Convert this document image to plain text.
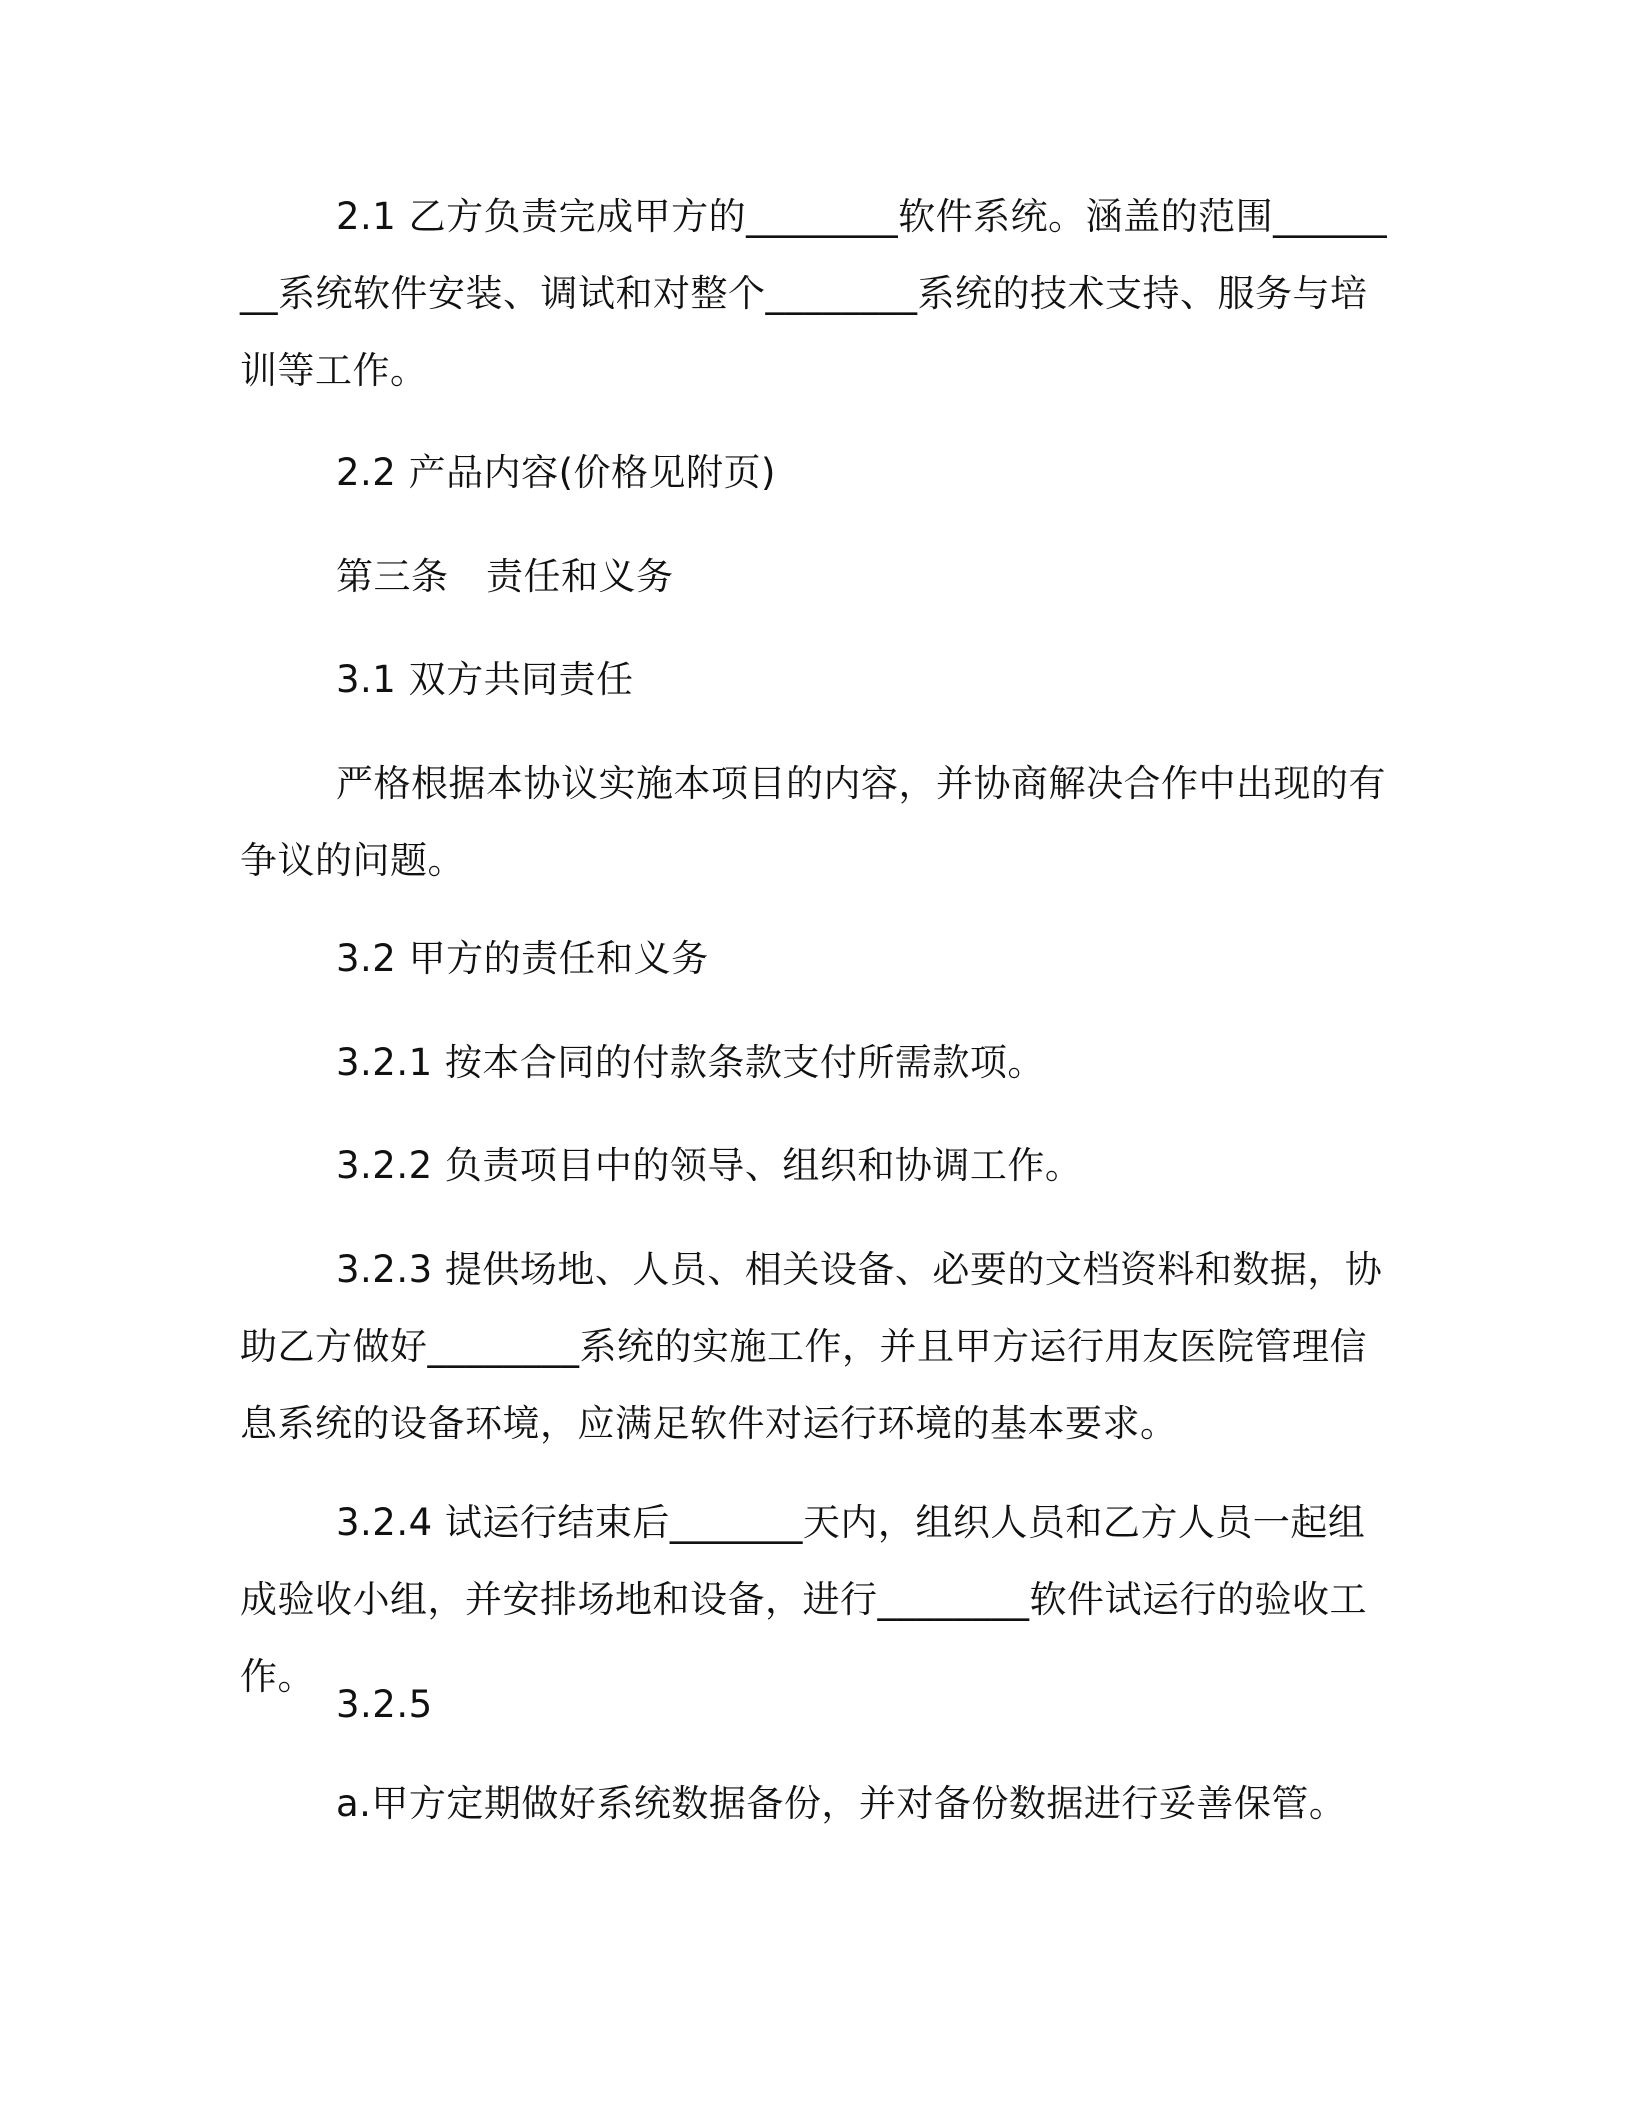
2.1 乙方负责完成甲方的________软件系统。涵盖的范围________系统软件安装、调试和对整个________系统的技术支持、服务与培训等工作。

2.2 产品内容(价格见附页)

第三条　责任和义务

3.1 双方共同责任

严格根据本协议实施本项目的内容，并协商解决合作中出现的有争议的问题。

3.2 甲方的责任和义务

3.2.1 按本合同的付款条款支付所需款项。

3.2.2 负责项目中的领导、组织和协调工作。

3.2.3 提供场地、人员、相关设备、必要的文档资料和数据，协助乙方做好________系统的实施工作，并且甲方运行用友医院管理信息系统的设备环境，应满足软件对运行环境的基本要求。

3.2.4 试运行结束后_______天内，组织人员和乙方人员一起组成验收小组，并安排场地和设备，进行________软件试运行的验收工作。

3.2.5

a.甲方定期做好系统数据备份，并对备份数据进行妥善保管。
